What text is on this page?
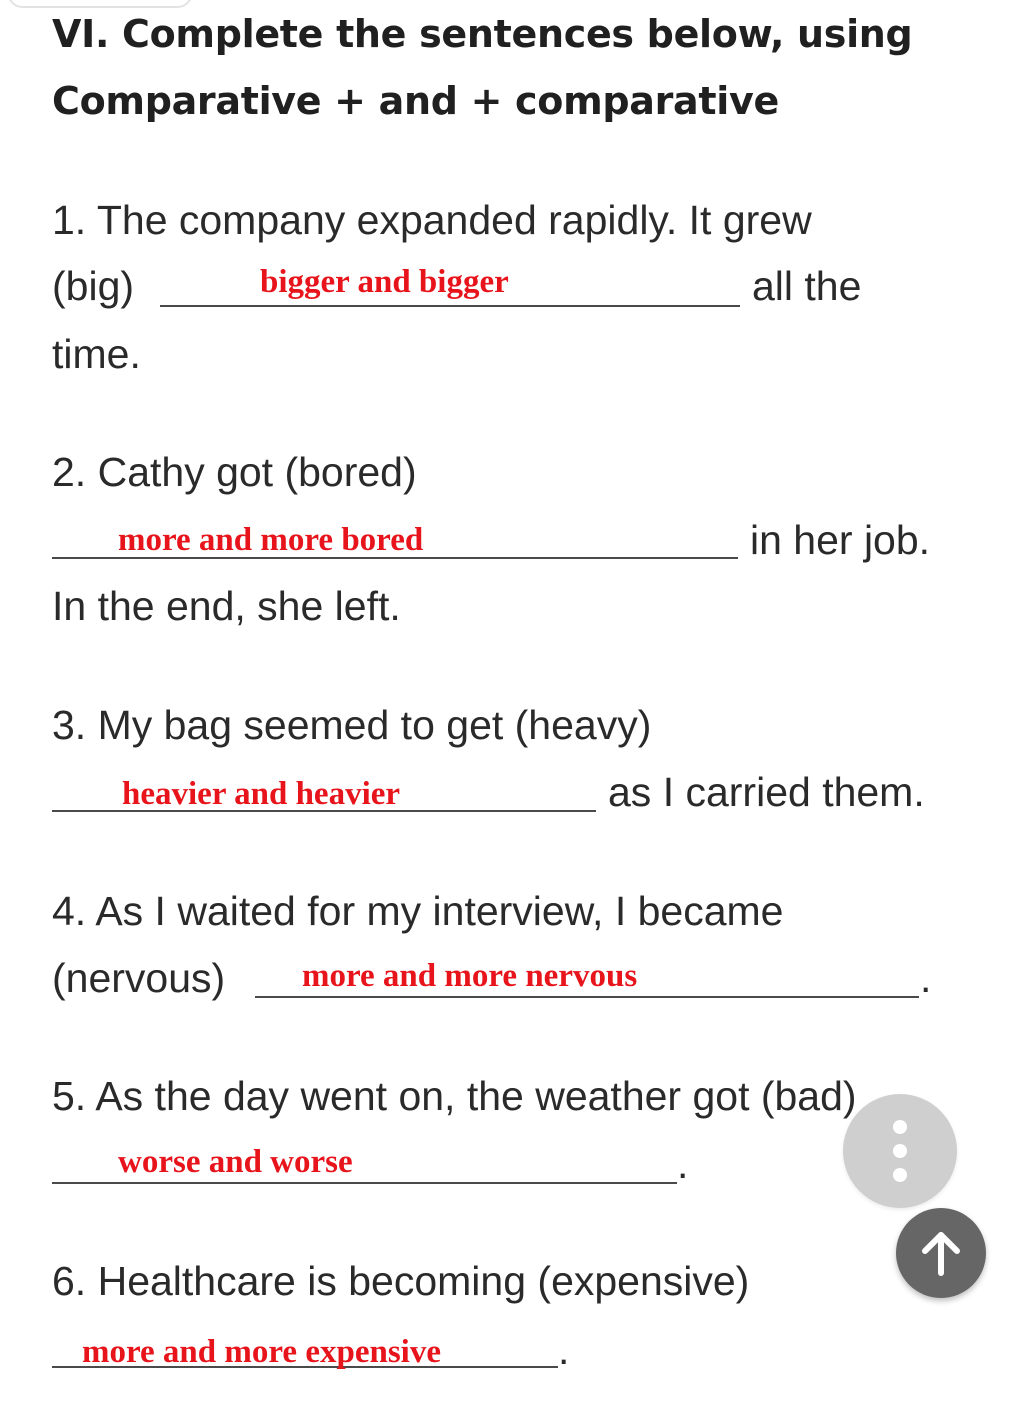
VI. Complete the sentences below, using
Comparative + and + comparative
1. The company expanded rapidly. It grew
(big)	bigger and bigger	all the
time.
2. Cathy got (bored)
more and more bored	in her job.
In the end, she left.
3. My bag seemed to get (heavy)
heavier and heavier	as I carried them.
4. As I waited for my interview, I became
(nervous) more and more nervous	.
5. As the day went on, the weather got (bad)
worse and worse	.
6. Healthcare is becoming (expensive)
more and more expensive	.
